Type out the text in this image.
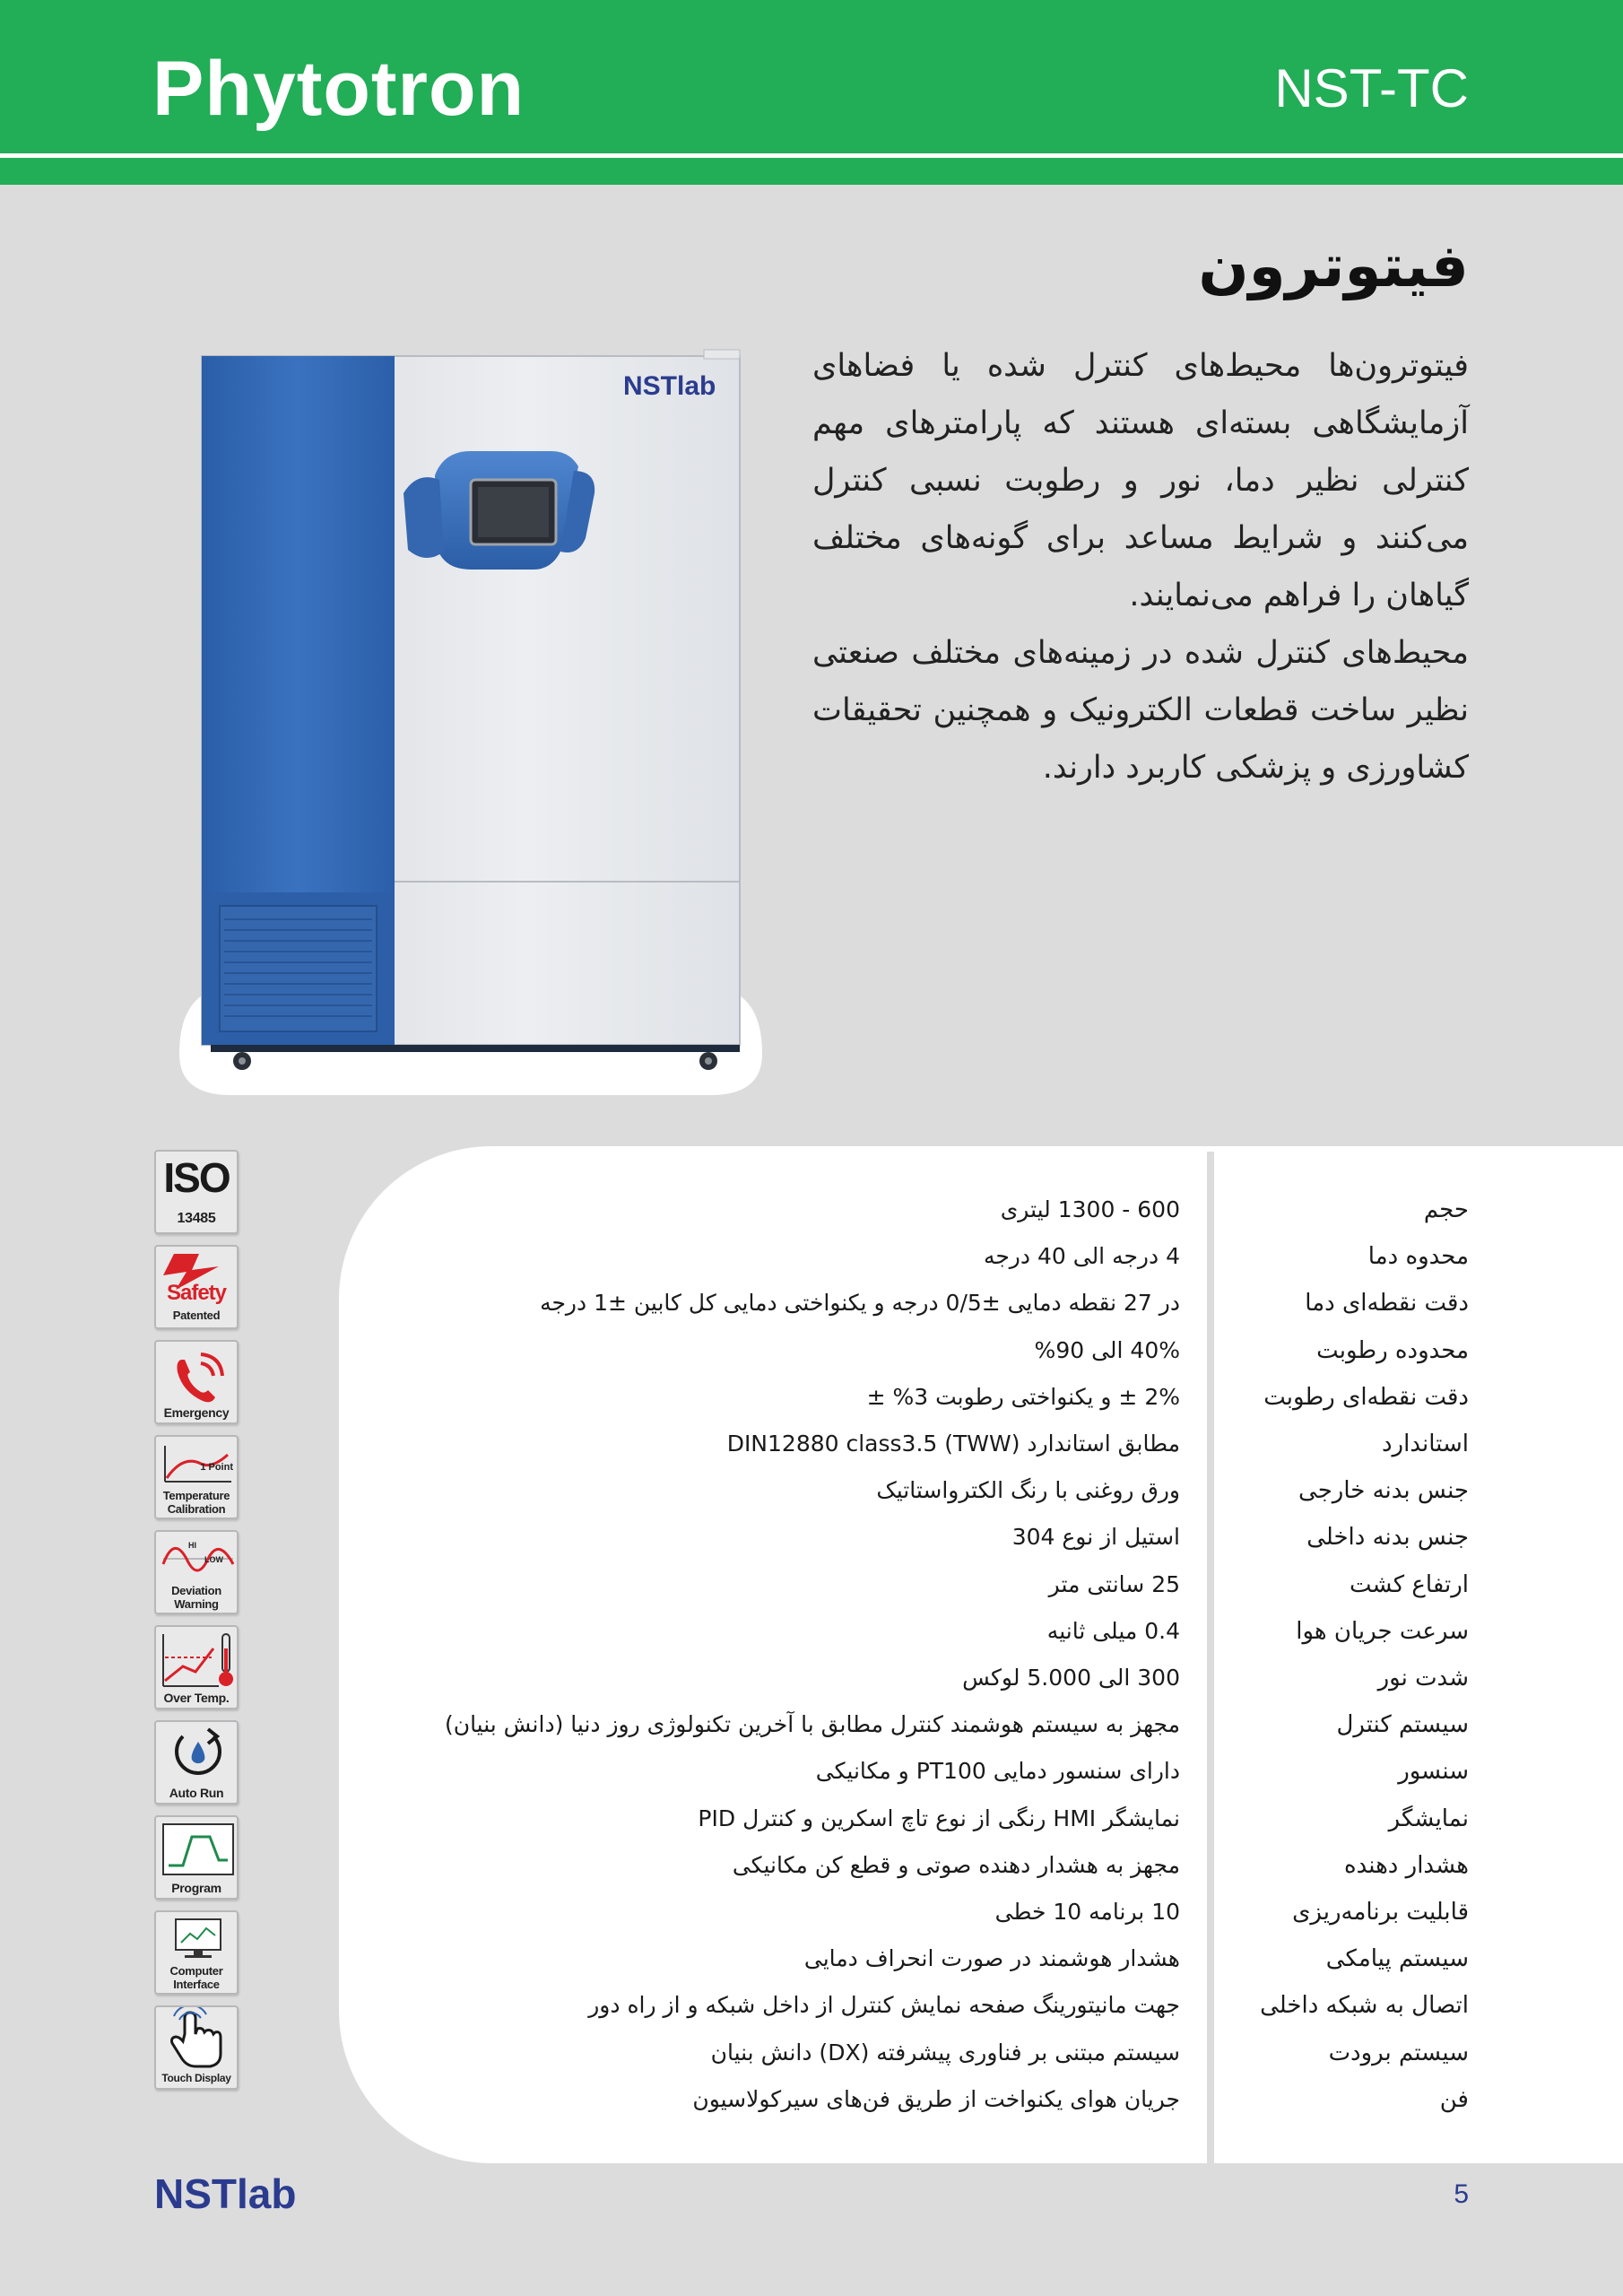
Phytotron	NST-TC
فیتوترون

فیتوترون‌ها محیط‌های کنترل شده یا فضاهای آزمایشگاهی بسته‌ای هستند که پارامترهای مهم کنترلی نظیر دما، نور و رطوبت نسبی کنترل می‌کنند و شرایط مساعد برای گونه‌های مختلف گیاهان را فراهم می‌نمایند.

محیط‌های کنترل شده در زمینه‌های مختلف صنعتی نظیر ساخت قطعات الکترونیک و همچنین تحقیقات کشاورزی و پزشکی کاربرد دارند.

NSTlab
حجم
600 - 1300 لیتری
محدوه دما
4 درجه الی 40 درجه
دقت نقطه‌ای دما
در 27 نقطه دمایی ±0/5 درجه و یکنواختی دمایی کل کابین ±1 درجه
محدوده رطوبت
40% الی 90%
دقت نقطه‌ای رطوبت
2% ± و یکنواختی رطوبت 3% ±
استاندارد
مطابق استاندارد DIN12880 class3.5 (TWW)
جنس بدنه خارجی
ورق روغنی با رنگ الکترواستاتیک
جنس بدنه داخلی
استیل از نوع 304
ارتفاع کشت
25 سانتی متر
سرعت جریان هوا
0.4 میلی ثانیه
شدت نور
300 الی 5.000 لوکس
سیستم کنترل
مجهز به سیستم هوشمند کنترل مطابق با آخرین تکنولوژی روز دنیا (دانش بنیان)
سنسور
دارای سنسور دمایی PT100 و مکانیکی
نمایشگر
نمایشگر HMI رنگی از نوع تاچ اسکرین و کنترل PID
هشدار دهنده
مجهز به هشدار دهنده صوتی و قطع کن مکانیکی
قابلیت برنامه‌ریزی
10 برنامه 10 خطی
سیستم پیامکی
هشدار هوشمند در صورت انحراف دمایی
اتصال به شبکه داخلی
جهت مانیتورینگ صفحه نمایش کنترل از داخل شبکه و از راه دور
سیستم برودت
سیستم مبتنی بر فناوری پیشرفته (DX) دانش بنیان
فن
جریان هوای یکنواخت از طریق فن‌های سیرکولاسیون
ISO
13485
Safety
Patented
Emergency
1 Point
Temperature
Calibration
HI
LOW
Deviation
Warning
Over Temp.
Auto Run
Program
Computer
Interface
Touch Display
NSTlab	5
